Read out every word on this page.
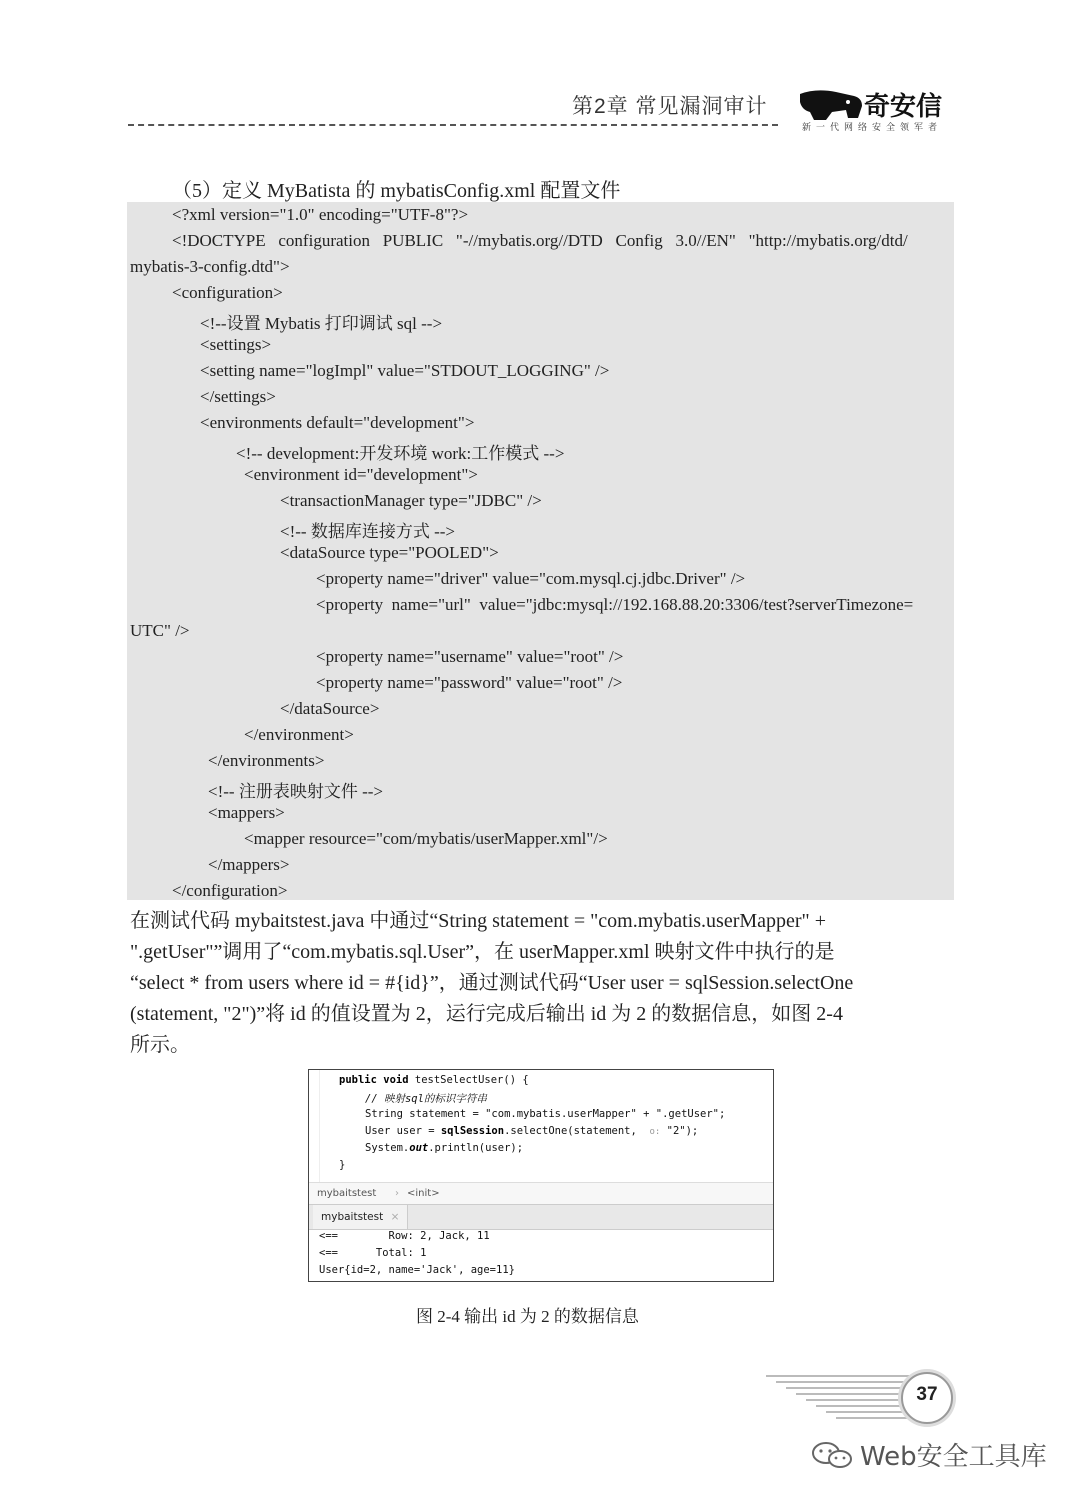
第2章 常见漏洞审计	奇安信
新一代网络安全领军者
（5）定义 MyBatista 的 mybatisConfig.xml 配置文件
<?xml version="1.0" encoding="UTF-8"?>
<!DOCTYPE   configuration   PUBLIC   "-//mybatis.org//DTD   Config   3.0//EN"   "http://mybatis.org/dtd/
mybatis-3-config.dtd">
<configuration>
<!--设置 Mybatis 打印调试 sql -->
<settings>
<setting name="logImpl" value="STDOUT_LOGGING" />
</settings>
<environments default="development">
<!-- development:开发环境 work:工作模式 -->
<environment id="development">
<transactionManager type="JDBC" />
<!-- 数据库连接方式 -->
<dataSource type="POOLED">
<property name="driver" value="com.mysql.cj.jdbc.Driver" />
<property  name="url"  value="jdbc:mysql://192.168.88.20:3306/test?serverTimezone=
UTC" />
<property name="username" value="root" />
<property name="password" value="root" />
</dataSource>
</environment>
</environments>
<!-- 注册表映射文件 -->
<mappers>
<mapper resource="com/mybatis/userMapper.xml"/>
</mappers>
</configuration>
在测试代码 mybaitstest.java 中通过“String statement = "com.mybatis.userMapper" +
".getUser"”调用了“com.mybatis.sql.User”，在 userMapper.xml 映射文件中执行的是
“select * from users where id = #{id}”，通过测试代码“User user = sqlSession.selectOne
(statement, "2")”将 id 的值设置为 2，运行完成后输出 id 为 2 的数据信息，如图 2-4
所示。
public void testSelectUser() {
// 映射sql的标识字符串
String statement = "com.mybatis.userMapper" + ".getUser";
User user = sqlSession.selectOne(statement,  o: "2");
System.out.println(user);
}
mybaitstest › <init>
mybaitstest ×
<==        Row: 2, Jack, 11
<==      Total: 1
User{id=2, name='Jack', age=11}
图 2-4 输出 id 为 2 的数据信息
37
Web安全工具库
